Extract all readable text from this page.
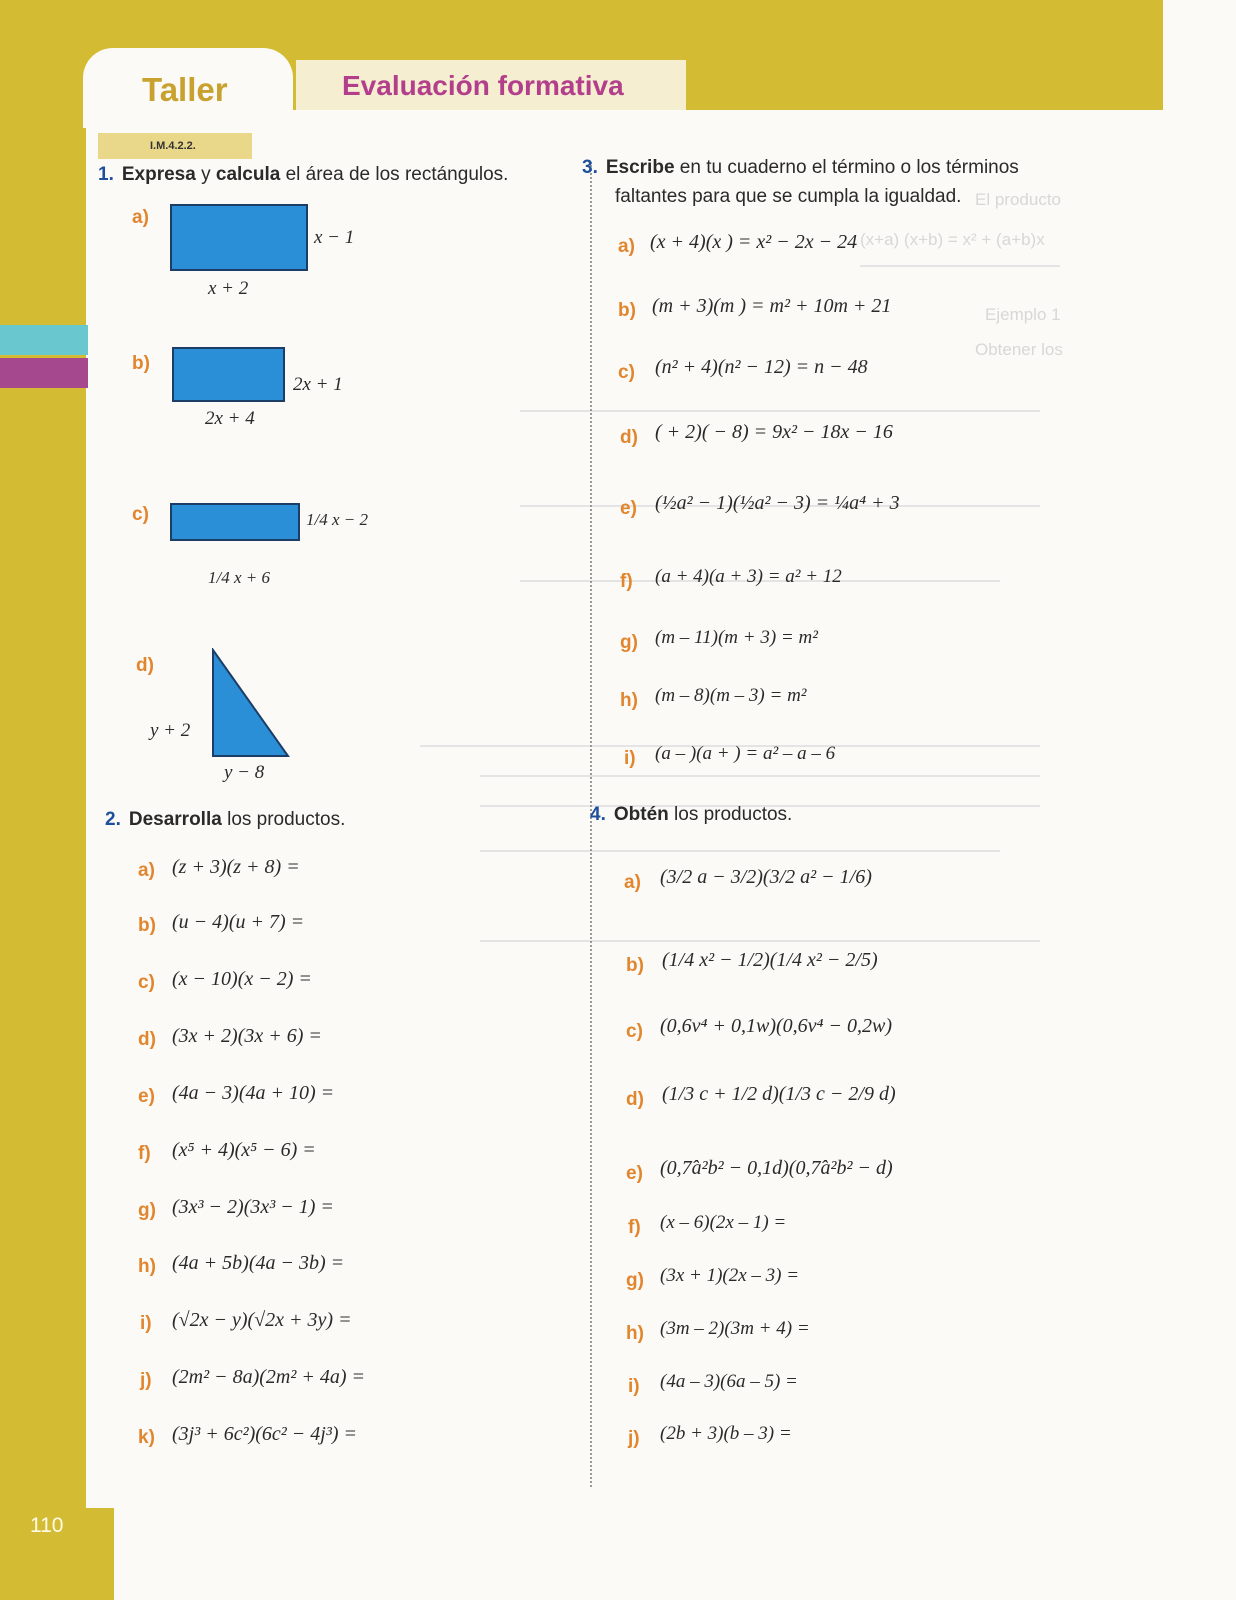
110
Taller	Evaluación formativa
I.M.4.2.2.
El producto
(x+a) (x+b) = x² + (a+b)x
Ejemplo 1
Obtener los
1. Expresa y calcula el área de los rectángulos.
a)
x − 1
x + 2
b)
2x + 1
2x + 4
c)	1/4 x − 2
1/4 x + 6
d)
y + 2
y − 8
2. Desarrolla los productos.
a) (z + 3)(z + 8) =
b) (u − 4)(u + 7) =
c) (x − 10)(x − 2) =
d) (3x + 2)(3x + 6) =
e) (4a − 3)(4a + 10) =
f) (x⁵ + 4)(x⁵ − 6) =
g) (3x³ − 2)(3x³ − 1) =
h) (4a + 5b)(4a − 3b) =
i) (√2x − y)(√2x + 3y) =
j) (2m² − 8a)(2m² + 4a) =
k) (3j³ + 6c²)(6c² − 4j³) =
3. Escribe en tu cuaderno el término o los términos
faltantes para que se cumpla la igualdad.
a) (x + 4)(x ) = x² − 2x − 24
b) (m + 3)(m ) = m² + 10m + 21
c) (n² + 4)(n² − 12) = n − 48
d) ( + 2)( − 8) = 9x² − 18x − 16
e) (½a² − 1)(½a² − 3) = ¼a⁴ + 3
f) (a + 4)(a + 3) = a² + 12
g) (m – 11)(m + 3) = m²
h) (m – 8)(m – 3) = m²
i) (a – )(a + ) = a² – a – 6
4. Obtén los productos.
a) (3/2 a − 3/2)(3/2 a² − 1/6)
b) (1/4 x² − 1/2)(1/4 x² − 2/5)
c) (0,6v⁴ + 0,1w)(0,6v⁴ − 0,2w)
d) (1/3 c + 1/2 d)(1/3 c − 2/9 d)
e) (0,7̂a²b² − 0,1d)(0,7̂a²b² − d)
f) (x – 6)(2x – 1) =
g) (3x + 1)(2x – 3) =
h) (3m – 2)(3m + 4) =
i) (4a – 3)(6a – 5) =
j) (2b + 3)(b – 3) =
